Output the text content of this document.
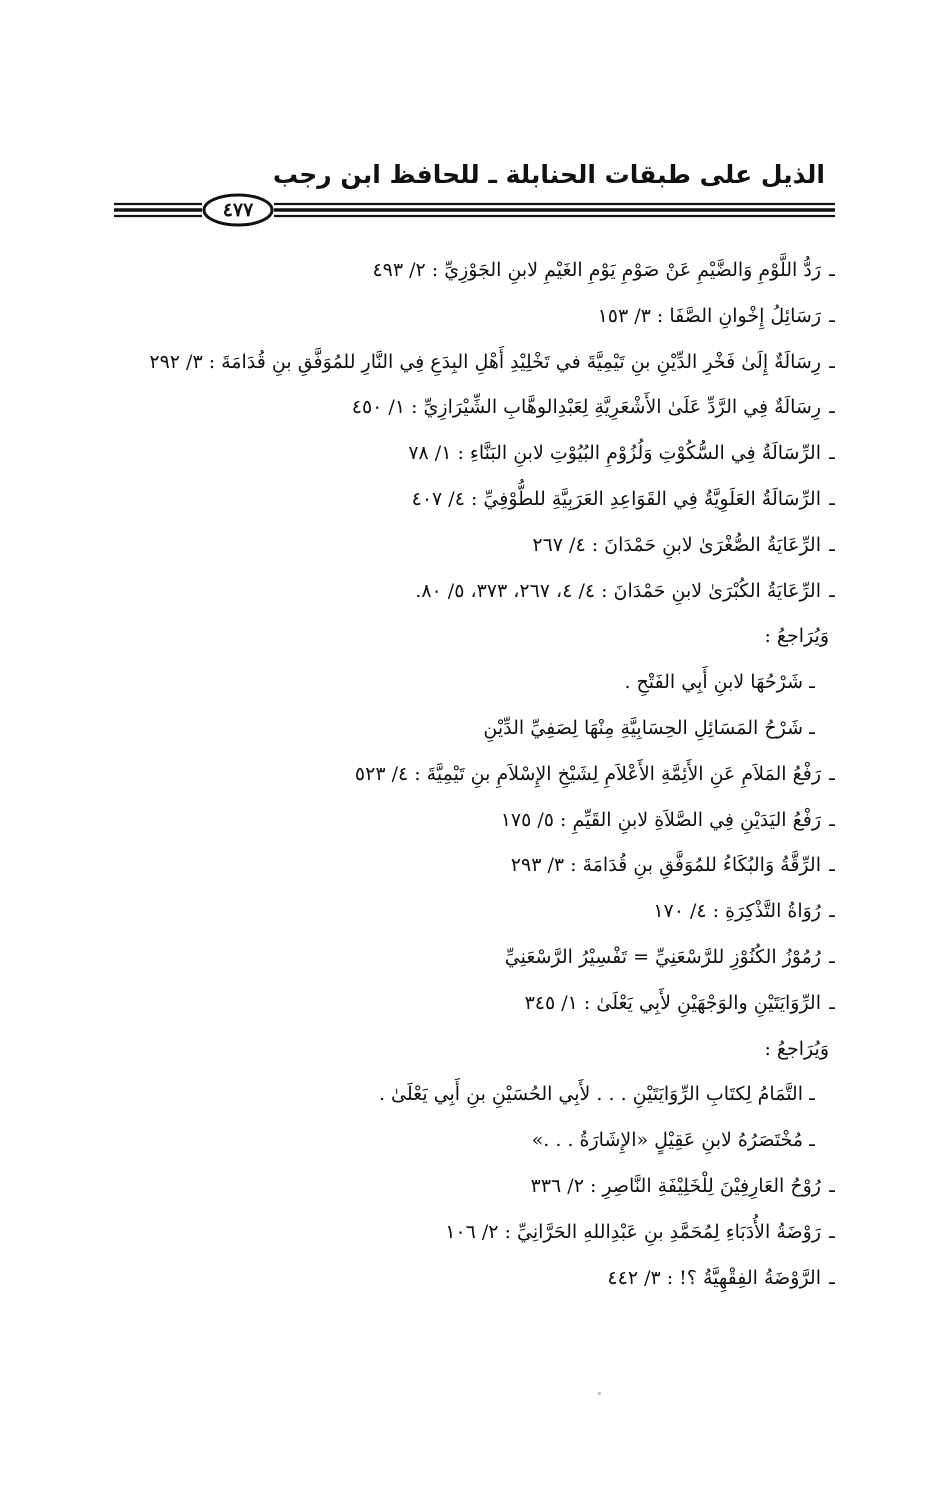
الذيل على طبقات الحنابلة ـ للحافظ ابن رجب
٤٧٧
ـرَدُّ اللَّوْمِ وَالضَّيْمِ عَنْ صَوْمِ يَوْمِ الغَيْمِ لابنِ الجَوْزِيِّ : ٢/ ٤٩٣
ـرَسَائِلُ إِخْوانِ الصَّفَا : ٣/ ١٥٣
ـرِسَالَةٌ إِلَىٰ فَخْرِ الدِّيْنِ بنِ تَيْمِيَّةَ في تَخْلِيْدِ أَهْلِ البِدَعِ فِي النَّارِ للمُوَفَّقِ بنِ قُدَامَةَ : ٣/ ٢٩٢
ـرِسَالَةٌ فِي الرَّدِّ عَلَىٰ الأَشْعَرِيَّةِ لِعَبْدِالوهَّابِ الشِّيْرَازِيِّ : ١/ ٤٥٠
ـالرِّسَالَةُ فِي السُّكُوْتِ وَلُزُوْمِ البُيُوْتِ لابنِ البَنَّاءِ : ١/ ٧٨
ـالرِّسَالَةُ العَلَوِيَّةُ فِي القَوَاعِدِ العَرَبِيَّةِ للطُّوْفِيِّ : ٤/ ٤٠٧
ـالرِّعَايَةُ الصُّغْرَىٰ لابنِ حَمْدَانَ : ٤/ ٢٦٧
ـالرِّعَايَةُ الكُبْرَىٰ لابنِ حَمْدَانَ : ٤/ ٤، ٢٦٧، ٣٧٣، ٥/ ٨٠.
وَيُرَاجعُ :
ـشَرْحُهَا لابنِ أَبِي الفَتْحِ .
ـشَرْحُ المَسَائِلِ الحِسَابِيَّةِ مِنْهَا لِصَفِيِّ الدِّيْنِ
ـرَفْعُ المَلاَمِ عَنِ الأَئِمَّةِ الأَعْلاَمِ لِشَيْخِ الإِسْلاَمِ بنِ تَيْمِيَّةَ : ٤/ ٥٢٣
ـرَفْعُ اليَدَيْنِ فِي الصَّلاَةِ لابنِ القَيِّمِ : ٥/ ١٧٥
ـالرِّقَّةُ وَالبُكَاءُ للمُوَفَّقِ بنِ قُدَامَةَ : ٣/ ٢٩٣
ـرُوَاةُ التَّذْكِرَةِ : ٤/ ١٧٠
ـرُمُوْزُ الكُنُوْزِ للرَّسْعَنِيِّ = تَفْسِيْرُ الرَّسْعَنِيِّ
ـالرِّوَايَتَيْنِ والوَجْهَيْنِ لأَبِي يَعْلَىٰ : ١/ ٣٤٥
وَيُرَاجعُ :
ـالتَّمَامُ لِكتَابِ الرِّوَايَتَيْنِ . . . لأَبِي الحُسَيْنِ بنِ أَبِي يَعْلَىٰ .
ـمُخْتَصَرُهُ لابنِ عَقِيْلٍ «الإِشَارَةُ . . .»
ـرُوْحُ العَارِفِيْنَ لِلْخَلِيْفَةِ النَّاصِرِ : ٢/ ٣٣٦
ـرَوْضَةُ الأُدَبَاءِ لِمُحَمَّدِ بنِ عَبْدِاللهِ الحَرَّانِيِّ : ٢/ ١٠٦
ـالرَّوْضَةُ الفِقْهِيَّةُ ؟! : ٣/ ٤٤٢
